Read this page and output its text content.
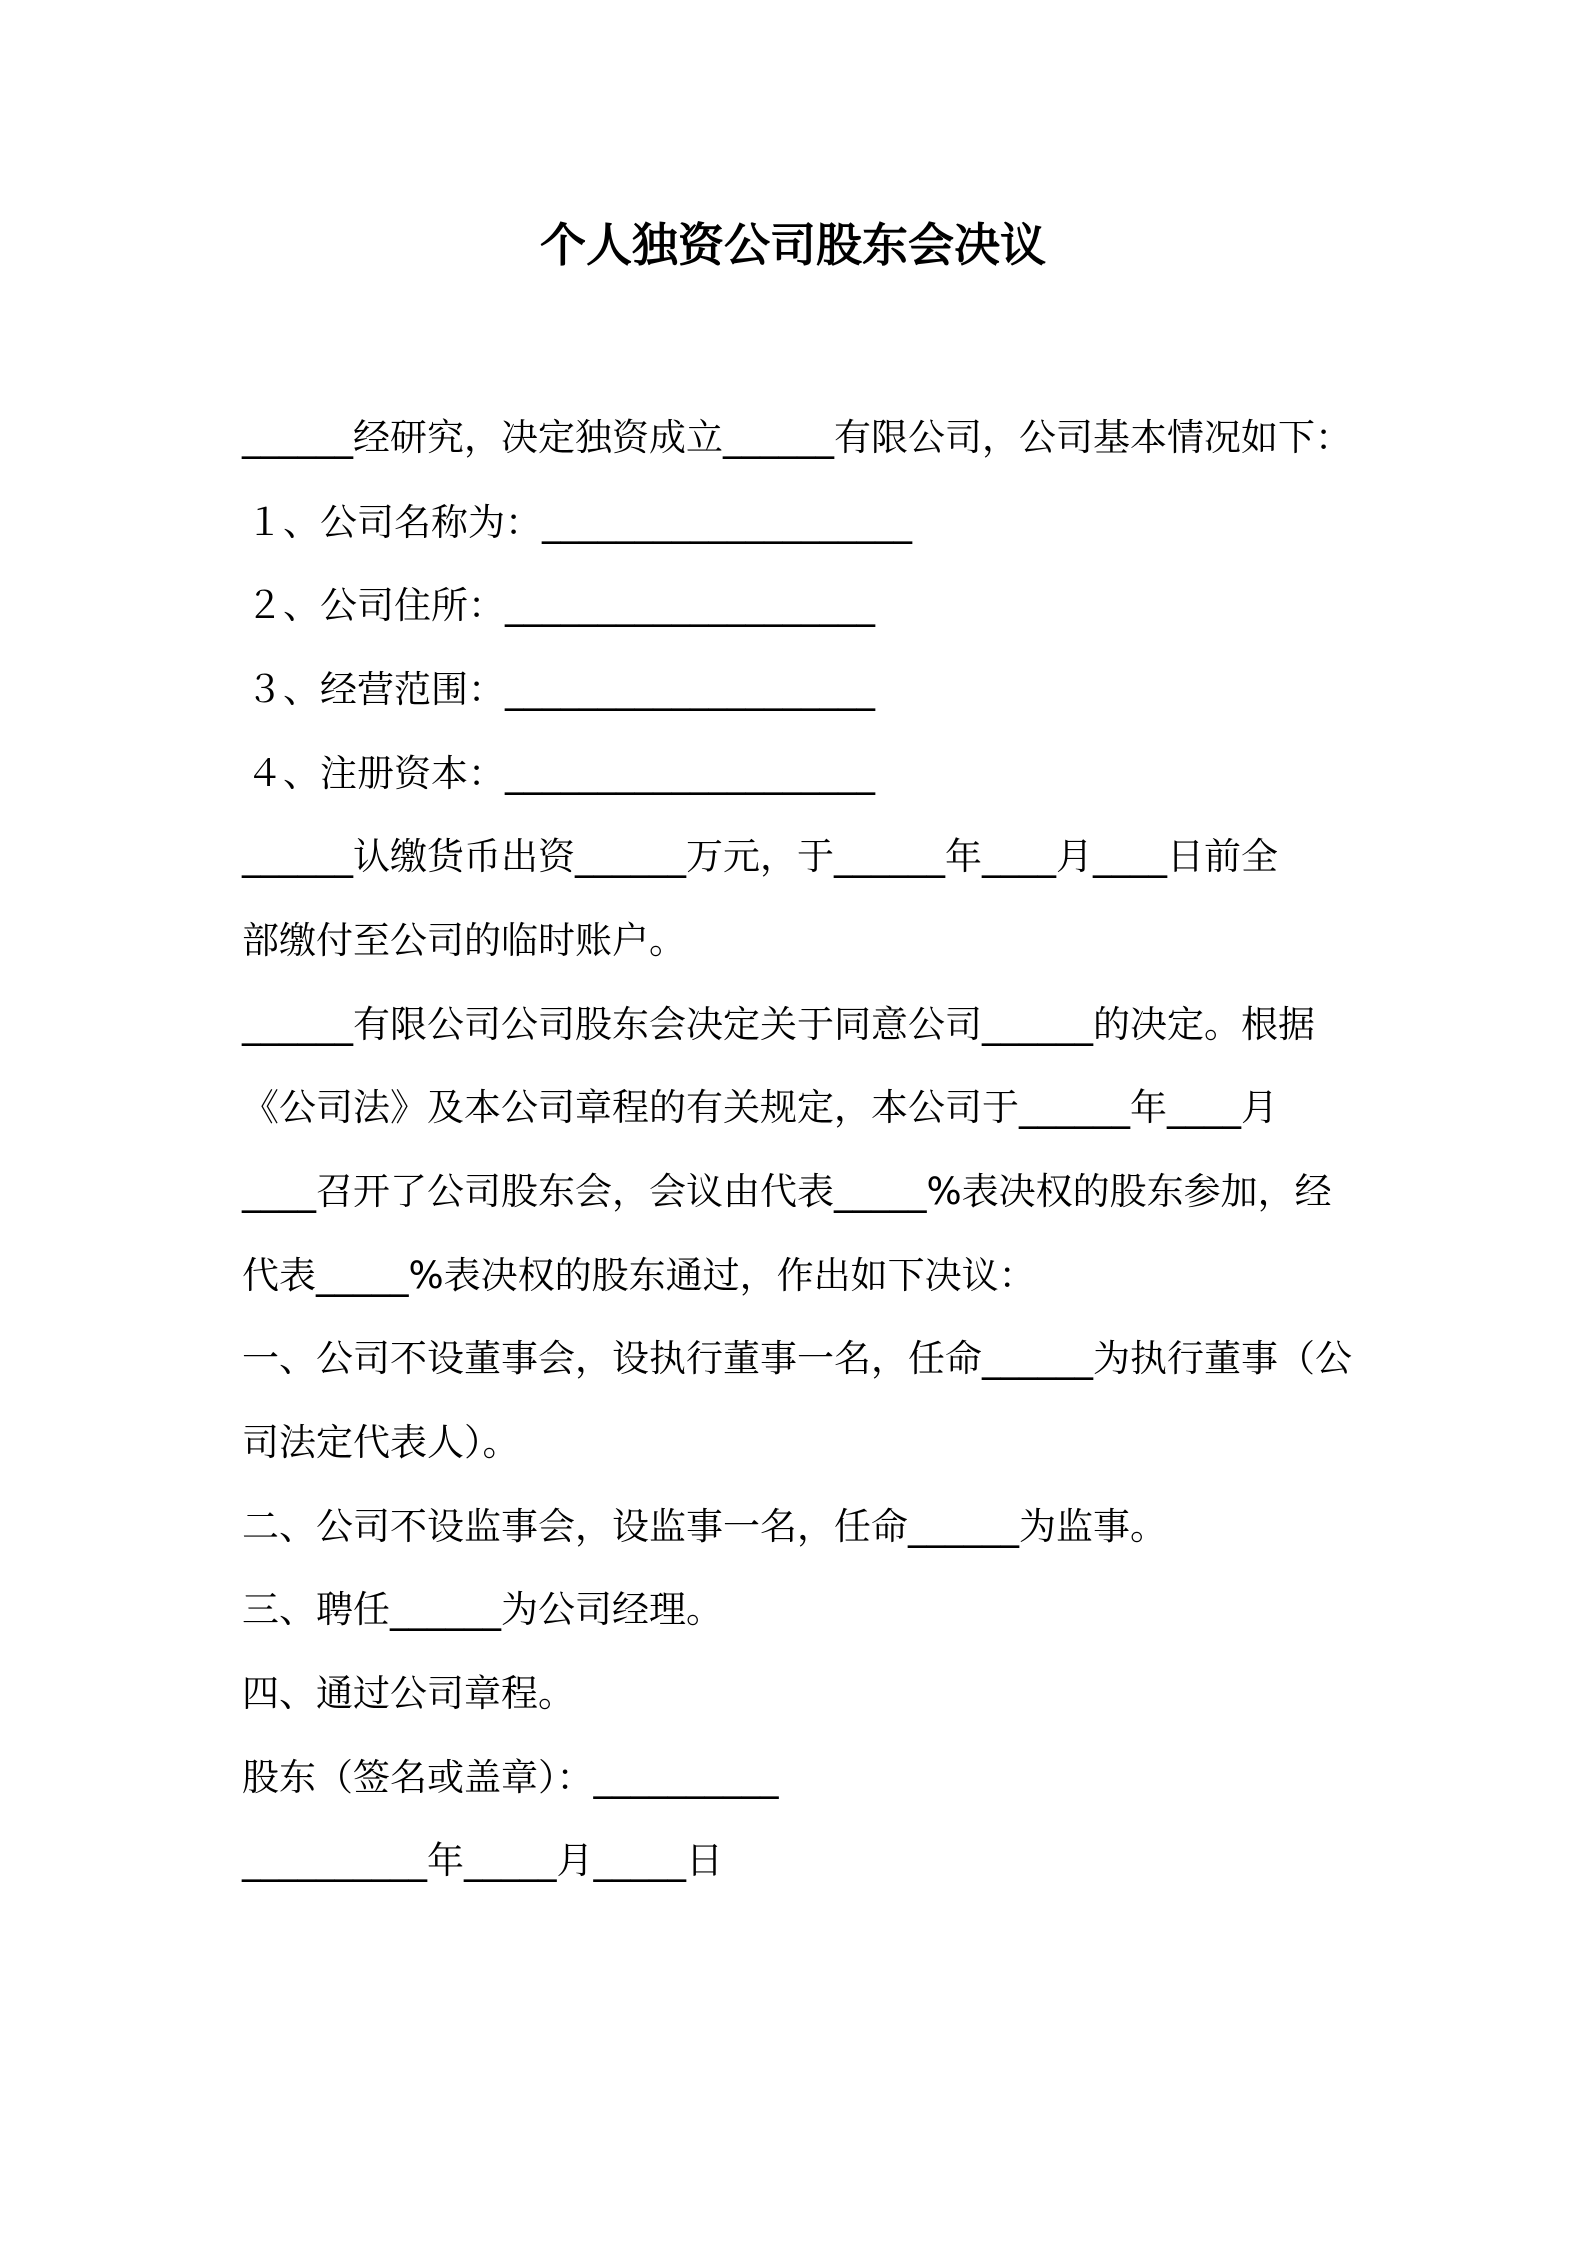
个人独资公司股东会决议
______经研究，决定独资成立______有限公司，公司基本情况如下：
１、公司名称为：____________________
２、公司住所：____________________
３、经营范围：____________________
４、注册资本：____________________
______认缴货币出资______万元，于______年____月____日前全
部缴付至公司的临时账户。
______有限公司公司股东会决定关于同意公司______的决定。根据
《公司法》及本公司章程的有关规定，本公司于______年____月
____召开了公司股东会，会议由代表_____%表决权的股东参加，经
代表_____%表决权的股东通过，作出如下决议：
一、公司不设董事会，设执行董事一名，任命______为执行董事（公
司法定代表人）。
二、公司不设监事会，设监事一名，任命______为监事。
三、聘任______为公司经理。
四、通过公司章程。
股东（签名或盖章）：__________
__________年_____月_____日
